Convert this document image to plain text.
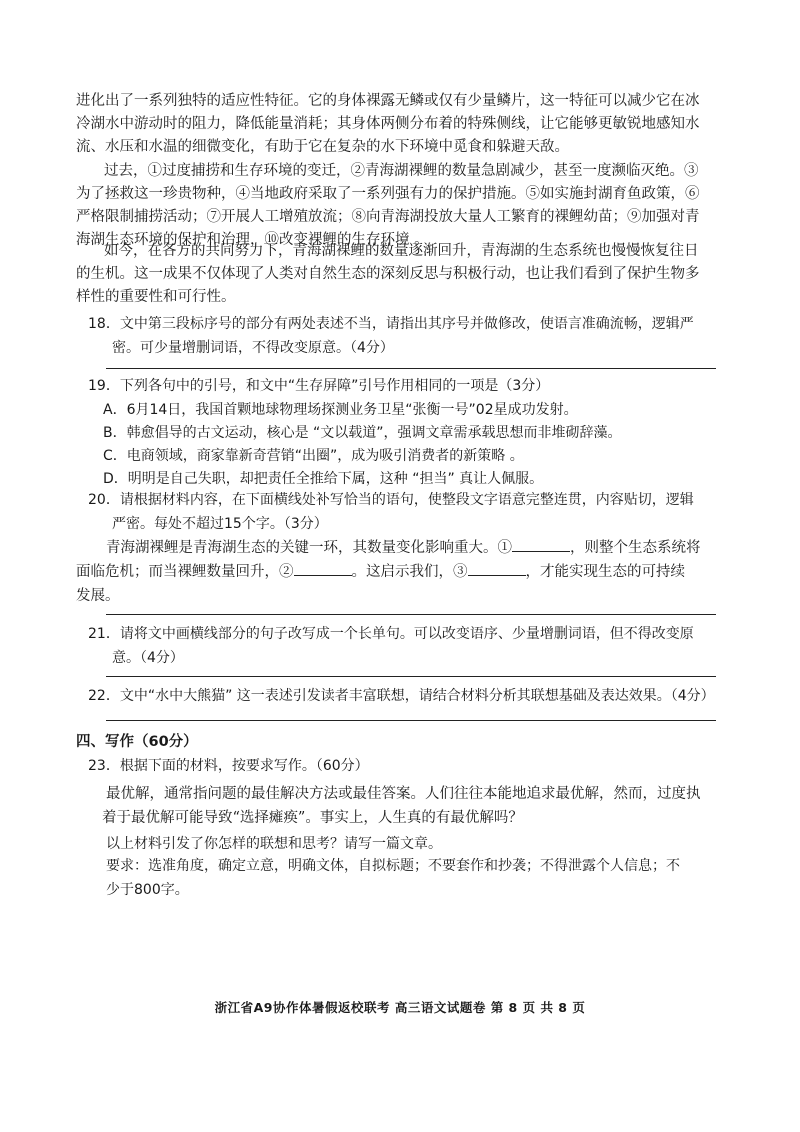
进化出了一系列独特的适应性特征。它的身体裸露无鳞或仅有少量鳞片，这一特征可以减少它在冰
冷湖水中游动时的阻力，降低能量消耗；其身体两侧分布着的特殊侧线，让它能够更敏锐地感知水
流、水压和水温的细微变化，有助于它在复杂的水下环境中觅食和躲避天敌。
过去，①过度捕捞和生存环境的变迁，②青海湖裸鲤的数量急剧减少，甚至一度濒临灭绝。③
为了拯救这一珍贵物种，④当地政府采取了一系列强有力的保护措施。⑤如实施封湖育鱼政策，⑥
严格限制捕捞活动；⑦开展人工增殖放流；⑧向青海湖投放大量人工繁育的裸鲤幼苗；⑨加强对青
海湖生态环境的保护和治理，⑩改变裸鲤的生存环境 。
如今，在各方的共同努力下，青海湖裸鲤的数量逐渐回升，青海湖的生态系统也慢慢恢复往日
的生机。这一成果不仅体现了人类对自然生态的深刻反思与积极行动，也让我们看到了保护生物多
样性的重要性和可行性。
18．文中第三段标序号的部分有两处表述不当，请指出其序号并做修改，使语言准确流畅，逻辑严
密。可少量增删词语，不得改变原意。（4分）
19．下列各句中的引号，和文中“生存屏障”引号作用相同的一项是（3分）
A．6月14日，我国首颗地球物理场探测业务卫星“张衡一号”02星成功发射。
B．韩愈倡导的古文运动，核心是 “文以载道”，强调文章需承载思想而非堆砌辞藻。
C．电商领域，商家靠新奇营销“出圈”，成为吸引消费者的新策略 。
D．明明是自己失职，却把责任全推给下属，这种 “担当” 真让人佩服。
20．请根据材料内容，在下面横线处补写恰当的语句，使整段文字语意完整连贯，内容贴切，逻辑
严密。每处不超过15个字。（3分）
青海湖裸鲤是青海湖生态的关键一环，其数量变化影响重大。①	，则整个生态系统将
面临危机；而当裸鲤数量回升，②	。这启示我们，③	，才能实现生态的可持续
发展。
21．请将文中画横线部分的句子改写成一个长单句。可以改变语序、少量增删词语，但不得改变原
意。（4分）
22．文中“水中大熊猫” 这一表述引发读者丰富联想，请结合材料分析其联想基础及表达效果。（4分）
四、写作（60分）
23．根据下面的材料，按要求写作。（60分）
最优解，通常指问题的最佳解决方法或最佳答案。人们往往本能地追求最优解，然而，过度执
着于最优解可能导致“选择瘫痪”。事实上，人生真的有最优解吗？
以上材料引发了你怎样的联想和思考？请写一篇文章。
要求：选准角度，确定立意，明确文体，自拟标题；不要套作和抄袭；不得泄露个人信息；不
少于800字。
浙江省A9协作体暑假返校联考 高三语文试题卷 第 8 页 共 8 页
